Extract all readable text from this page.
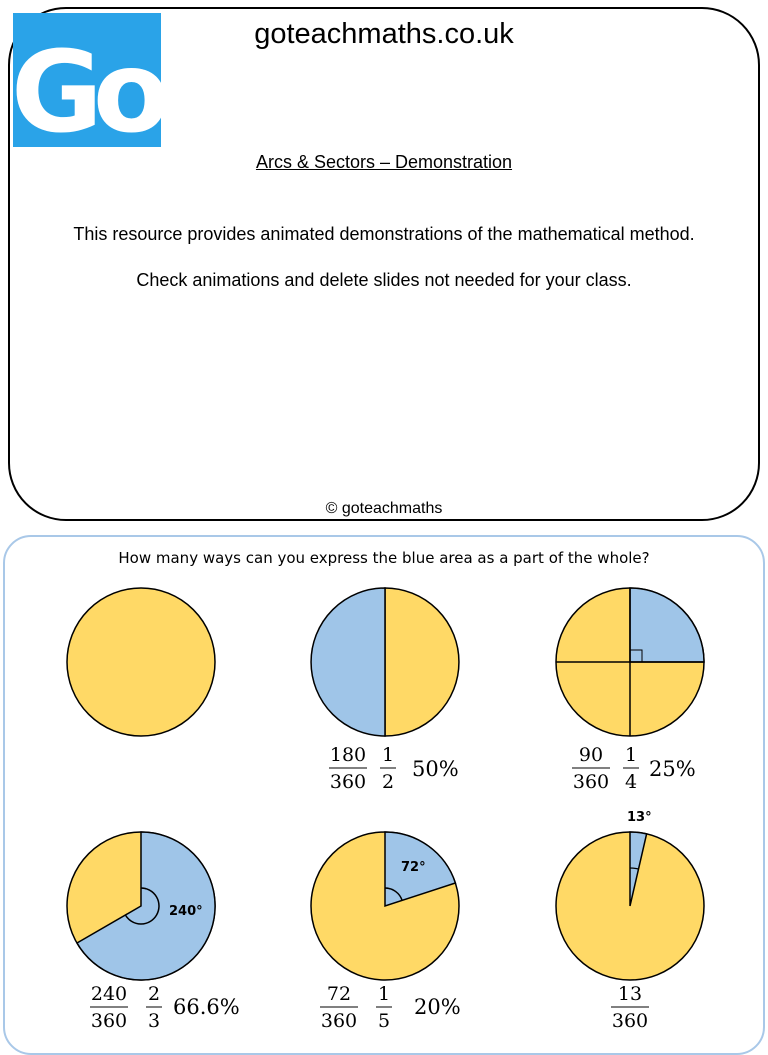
Go!	goteachmaths.co.uk
Arcs & Sectors – Demonstration
This resource provides animated demonstrations of the mathematical method.
Check animations and delete slides not needed for your class.
© goteachmaths
How many ways can you express the blue area as a part of the whole?
240°
72°
13°
180
360
1
2
50%
90
360
1
4
25%
240
360
2
3
66.6%
72
360
1
5
20%
13
360
